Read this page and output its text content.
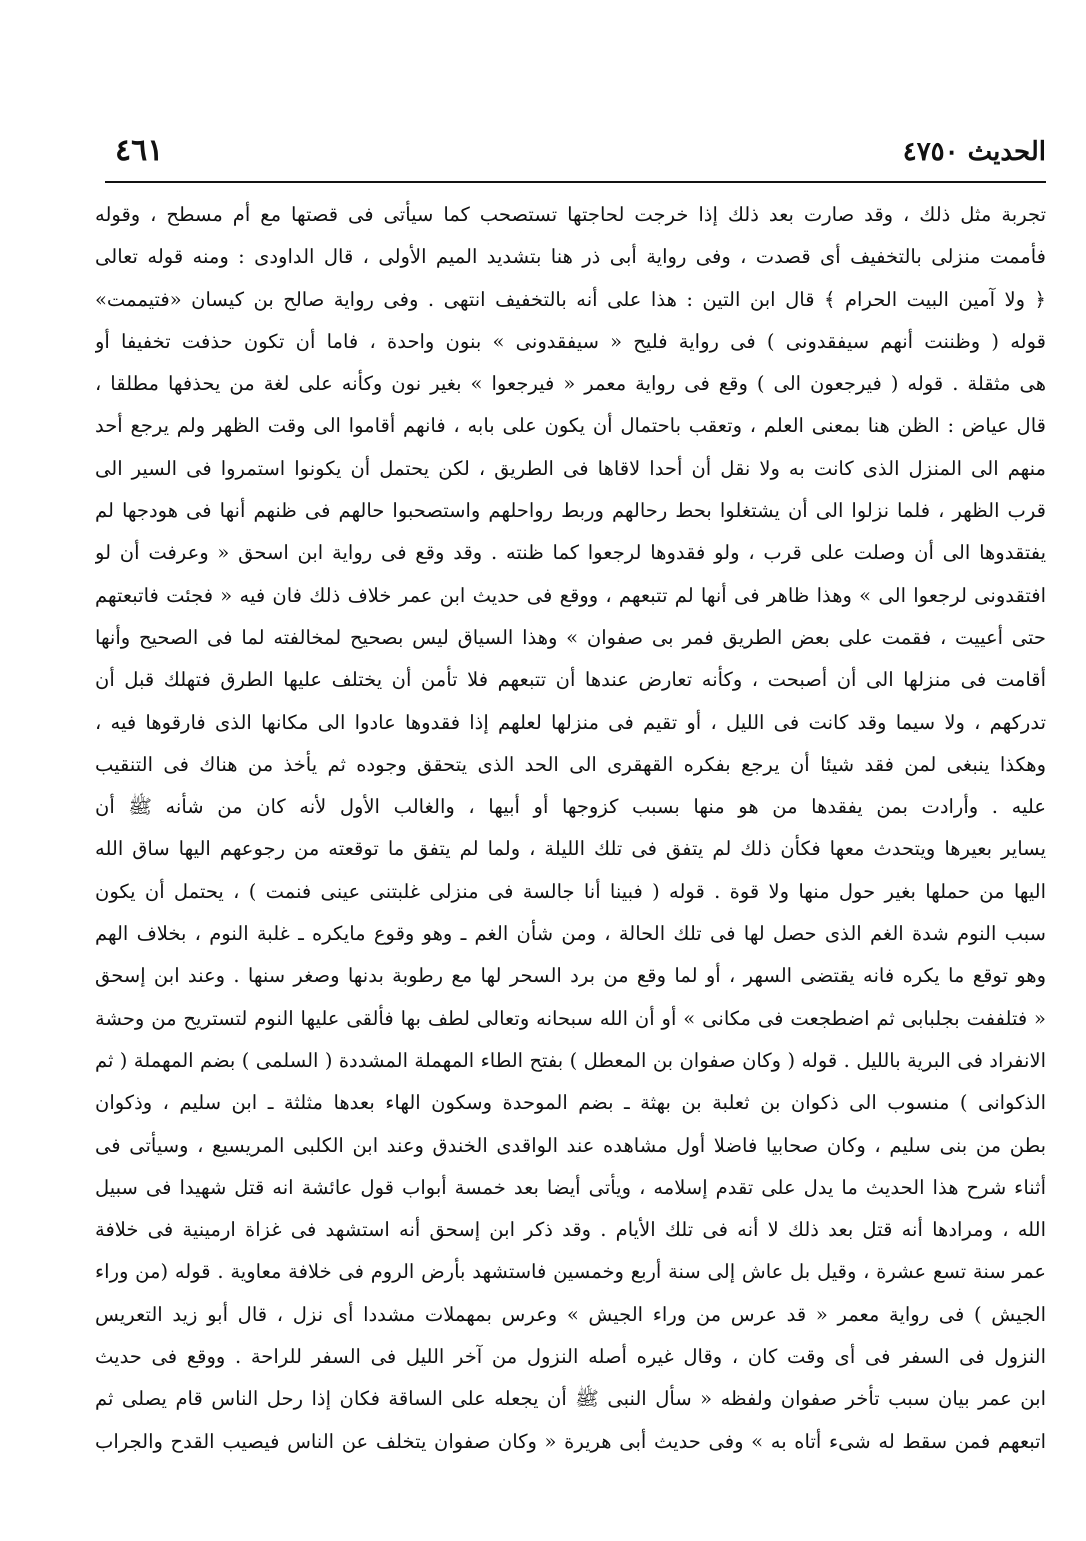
الحديث ٤٧٥٠
٤٦١
تجربة مثل ذلك ، وقد صارت بعد ذلك إذا خرجت لحاجتها تستصحب كما سيأتى فى قصتها مع أم مسطح ، وقوله
فأممت منزلى بالتخفيف أى قصدت ، وفى رواية أبى ذر هنا بتشديد الميم الأولى ، قال الداودى : ومنه قوله تعالى
﴿ ولا آمين البيت الحرام ﴾ قال ابن التين : هذا على أنه بالتخفيف انتهى . وفى رواية صالح بن كيسان «فتيممت»
قوله ( وظننت أنهم سيفقدونى ) فى رواية فليح « سيفقدونى » بنون واحدة ، فاما أن تكون حذفت تخفيفا أو
هى مثقلة . قوله ( فيرجعون الى ) وقع فى رواية معمر « فيرجعوا » بغير نون وكأنه على لغة من يحذفها مطلقا ،
قال عياض : الظن هنا بمعنى العلم ، وتعقب باحتمال أن يكون على بابه ، فانهم أقاموا الى وقت الظهر ولم يرجع أحد
منهم الى المنزل الذى كانت به ولا نقل أن أحدا لاقاها فى الطريق ، لكن يحتمل أن يكونوا استمروا فى السير الى
قرب الظهر ، فلما نزلوا الى أن يشتغلوا بحط رحالهم وربط رواحلهم واستصحبوا حالهم فى ظنهم أنها فى هودجها لم
يفتقدوها الى أن وصلت على قرب ، ولو فقدوها لرجعوا كما ظنته . وقد وقع فى رواية ابن اسحق « وعرفت أن لو
افتقدونى لرجعوا الى » وهذا ظاهر فى أنها لم تتبعهم ، ووقع فى حديث ابن عمر خلاف ذلك فان فيه « فجئت فاتبعتهم
حتى أعييت ، فقمت على بعض الطريق فمر بى صفوان » وهذا السياق ليس بصحيح لمخالفته لما فى الصحيح وأنها
أقامت فى منزلها الى أن أصبحت ، وكأنه تعارض عندها أن تتبعهم فلا تأمن أن يختلف عليها الطرق فتهلك قبل أن
تدركهم ، ولا سيما وقد كانت فى الليل ، أو تقيم فى منزلها لعلهم إذا فقدوها عادوا الى مكانها الذى فارقوها فيه ،
وهكذا ينبغى لمن فقد شيئا أن يرجع بفكره القهقرى الى الحد الذى يتحقق وجوده ثم يأخذ من هناك فى التنقيب
عليه . وأرادت بمن يفقدها من هو منها بسبب كزوجها أو أبيها ، والغالب الأول لأنه كان من شأنه ﷺ أن
يساير بعيرها ويتحدث معها فكأن ذلك لم يتفق فى تلك الليلة ، ولما لم يتفق ما توقعته من رجوعهم اليها ساق الله
اليها من حملها بغير حول منها ولا قوة . قوله ( فبينا أنا جالسة فى منزلى غلبتنى عينى فنمت ) ، يحتمل أن يكون
سبب النوم شدة الغم الذى حصل لها فى تلك الحالة ، ومن شأن الغم ـ وهو وقوع مايكره ـ غلبة النوم ، بخلاف الهم
وهو توقع ما يكره فانه يقتضى السهر ، أو لما وقع من برد السحر لها مع رطوبة بدنها وصغر سنها . وعند ابن إسحق
« فتلففت بجلبابى ثم اضطجعت فى مكانى » أو أن الله سبحانه وتعالى لطف بها فألقى عليها النوم لتستريح من وحشة
الانفراد فى البرية بالليل . قوله ( وكان صفوان بن المعطل ) بفتح الطاء المهملة المشددة ( السلمى ) بضم المهملة ( ثم
الذكوانى ) منسوب الى ذكوان بن ثعلبة بن بهثة ـ بضم الموحدة وسكون الهاء بعدها مثلثة ـ ابن سليم ، وذكوان
بطن من بنى سليم ، وكان صحابيا فاضلا أول مشاهده عند الواقدى الخندق وعند ابن الكلبى المريسيع ، وسيأتى فى
أثناء شرح هذا الحديث ما يدل على تقدم إسلامه ، ويأتى أيضا بعد خمسة أبواب قول عائشة انه قتل شهيدا فى سبيل
الله ، ومرادها أنه قتل بعد ذلك لا أنه فى تلك الأيام . وقد ذكر ابن إسحق أنه استشهد فى غزاة ارمينية فى خلافة
عمر سنة تسع عشرة ، وقيل بل عاش إلى سنة أربع وخمسين فاستشهد بأرض الروم فى خلافة معاوية . قوله (من وراء
الجيش ) فى رواية معمر « قد عرس من وراء الجيش » وعرس بمهملات مشددا أى نزل ، قال أبو زيد التعريس
النزول فى السفر فى أى وقت كان ، وقال غيره أصله النزول من آخر الليل فى السفر للراحة . ووقع فى حديث
ابن عمر بيان سبب تأخر صفوان ولفظه « سأل النبى ﷺ أن يجعله على الساقة فكان إذا رحل الناس قام يصلى ثم
اتبعهم فمن سقط له شىء أتاه به » وفى حديث أبى هريرة « وكان صفوان يتخلف عن الناس فيصيب القدح والجراب
